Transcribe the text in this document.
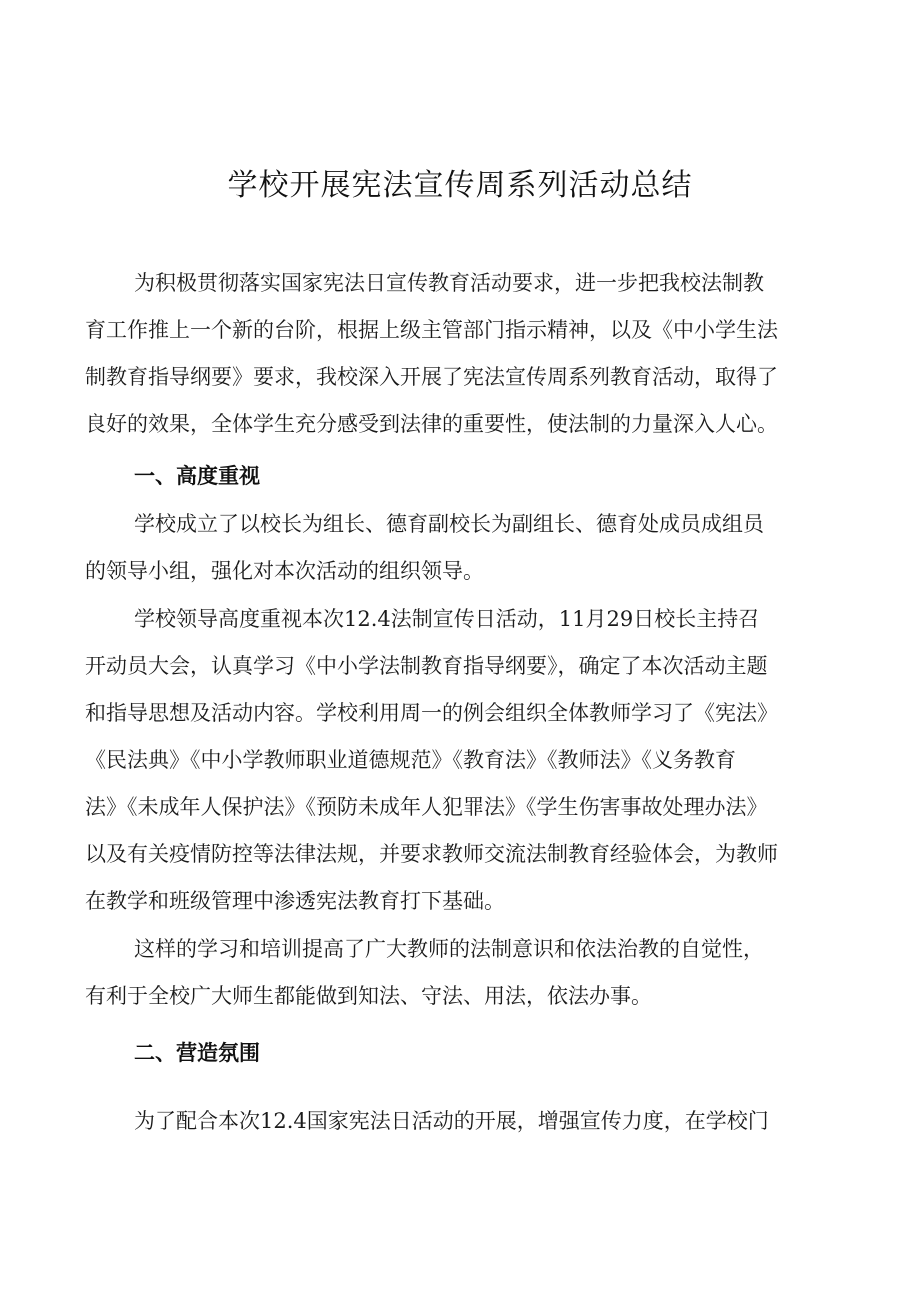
学校开展宪法宣传周系列活动总结
为积极贯彻落实国家宪法日宣传教育活动要求，进一步把我校法制教
育工作推上一个新的台阶，根据上级主管部门指示精神，以及《中小学生法
制教育指导纲要》要求，我校深入开展了宪法宣传周系列教育活动，取得了
良好的效果，全体学生充分感受到法律的重要性，使法制的力量深入人心。
一、高度重视
学校成立了以校长为组长、德育副校长为副组长、德育处成员成组员
的领导小组，强化对本次活动的组织领导。
学校领导高度重视本次12.4法制宣传日活动，11月29日校长主持召
开动员大会，认真学习《中小学法制教育指导纲要》，确定了本次活动主题
和指导思想及活动内容。学校利用周一的例会组织全体教师学习了《宪法》
《民法典》《中小学教师职业道德规范》《教育法》《教师法》《义务教育
法》《未成年人保护法》《预防未成年人犯罪法》《学生伤害事故处理办法》
以及有关疫情防控等法律法规，并要求教师交流法制教育经验体会，为教师
在教学和班级管理中渗透宪法教育打下基础。
这样的学习和培训提高了广大教师的法制意识和依法治教的自觉性，
有利于全校广大师生都能做到知法、守法、用法，依法办事。
二、营造氛围
为了配合本次12.4国家宪法日活动的开展，增强宣传力度，在学校门
